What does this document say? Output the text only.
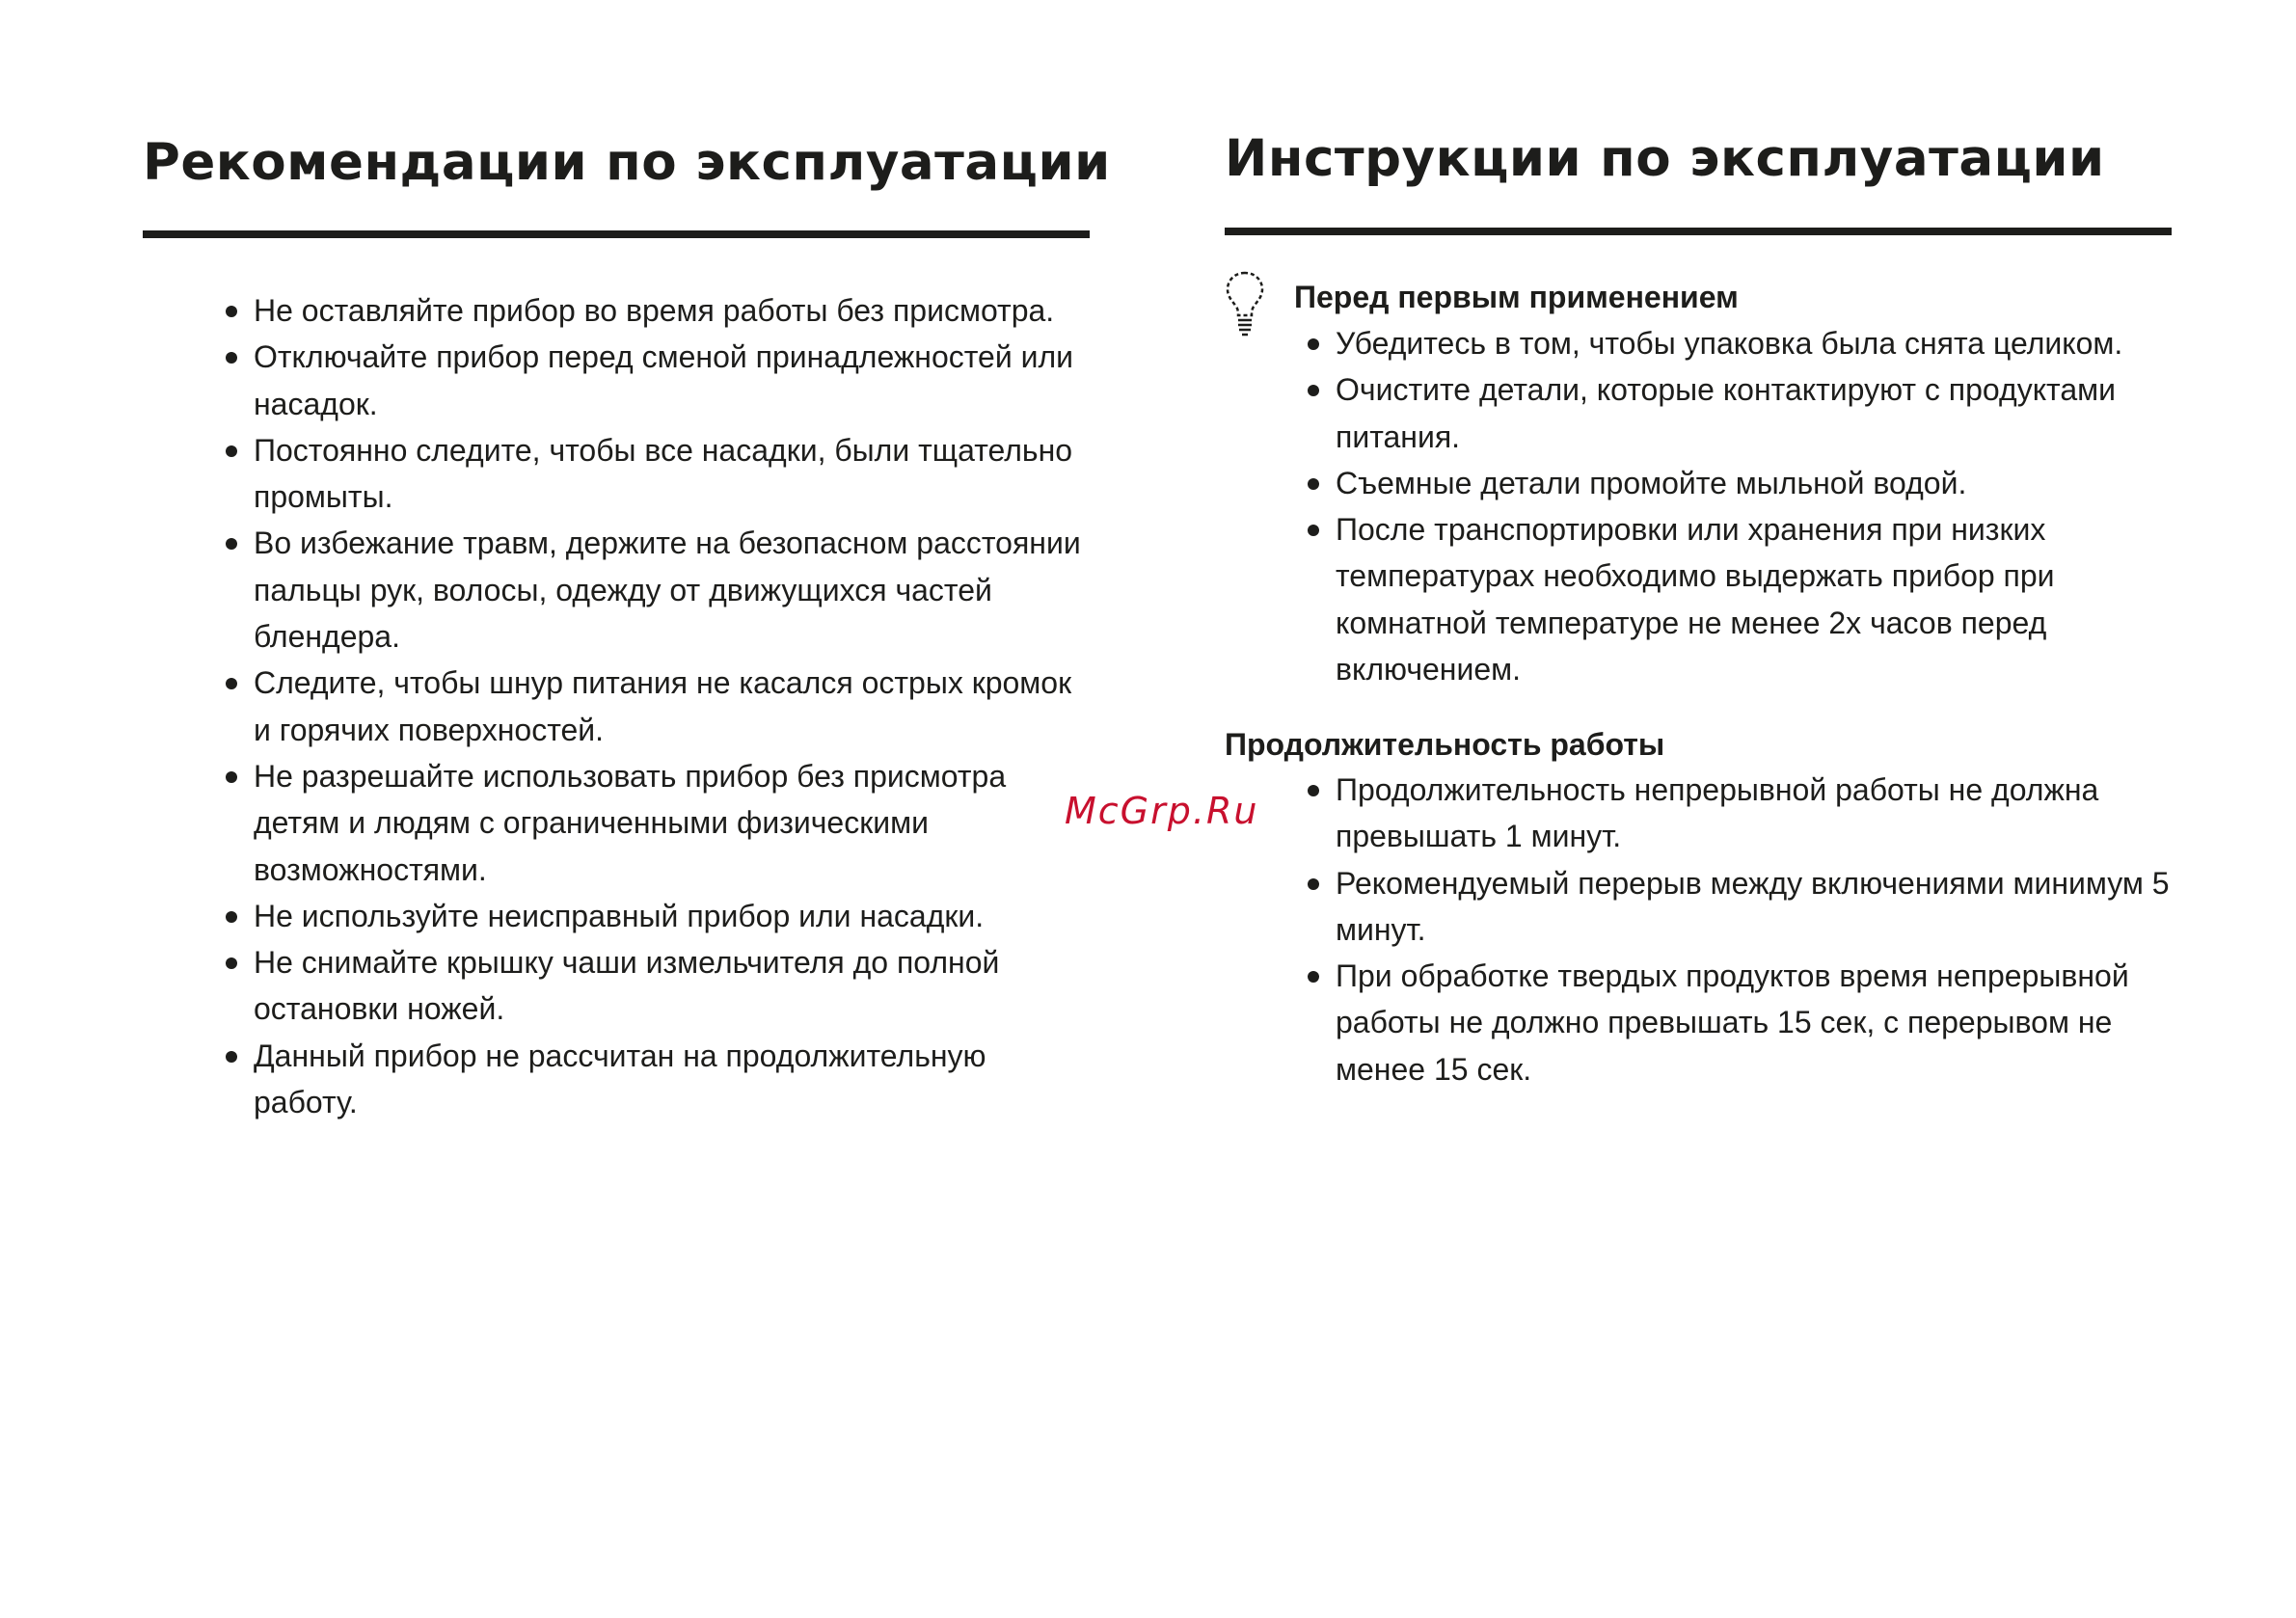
Рекомендации по эксплуатации
Не оставляйте прибор во время работы без присмотра.
Отключайте прибор перед сменой принадлежностей или насадок.
Постоянно следите, чтобы все насадки, были тщательно промыты.
Во избежание травм, держите на безопасном расстоянии пальцы рук, волосы, одежду от движущихся частей блендера.
Следите, чтобы шнур питания не касался острых кромок и горячих поверхностей.
Не разрешайте использовать прибор без присмотра детям и людям с ограниченными физическими возможностями.
Не используйте неисправный прибор или насадки.
Не снимайте крышку чаши измельчителя до полной остановки ножей.
Данный прибор не рассчитан на продолжительную работу.
Инструкции по эксплуатации
Перед первым применением
Убедитесь в том, чтобы упаковка была снята целиком.
Очистите детали, которые контактируют с продуктами питания.
Съемные детали промойте мыльной водой.
После транспортировки или хранения при низких температурах необходимо выдержать прибор при комнатной температуре не менее 2х часов перед включением.
Продолжительность работы
Продолжительность непрерывной работы не должна превышать 1 минут.
Рекомендуемый перерыв между включениями минимум 5 минут.
При обработке твердых продуктов время непрерывной работы не должно превышать 15 сек, с перерывом не менее 15 сек.
McGrp.Ru
